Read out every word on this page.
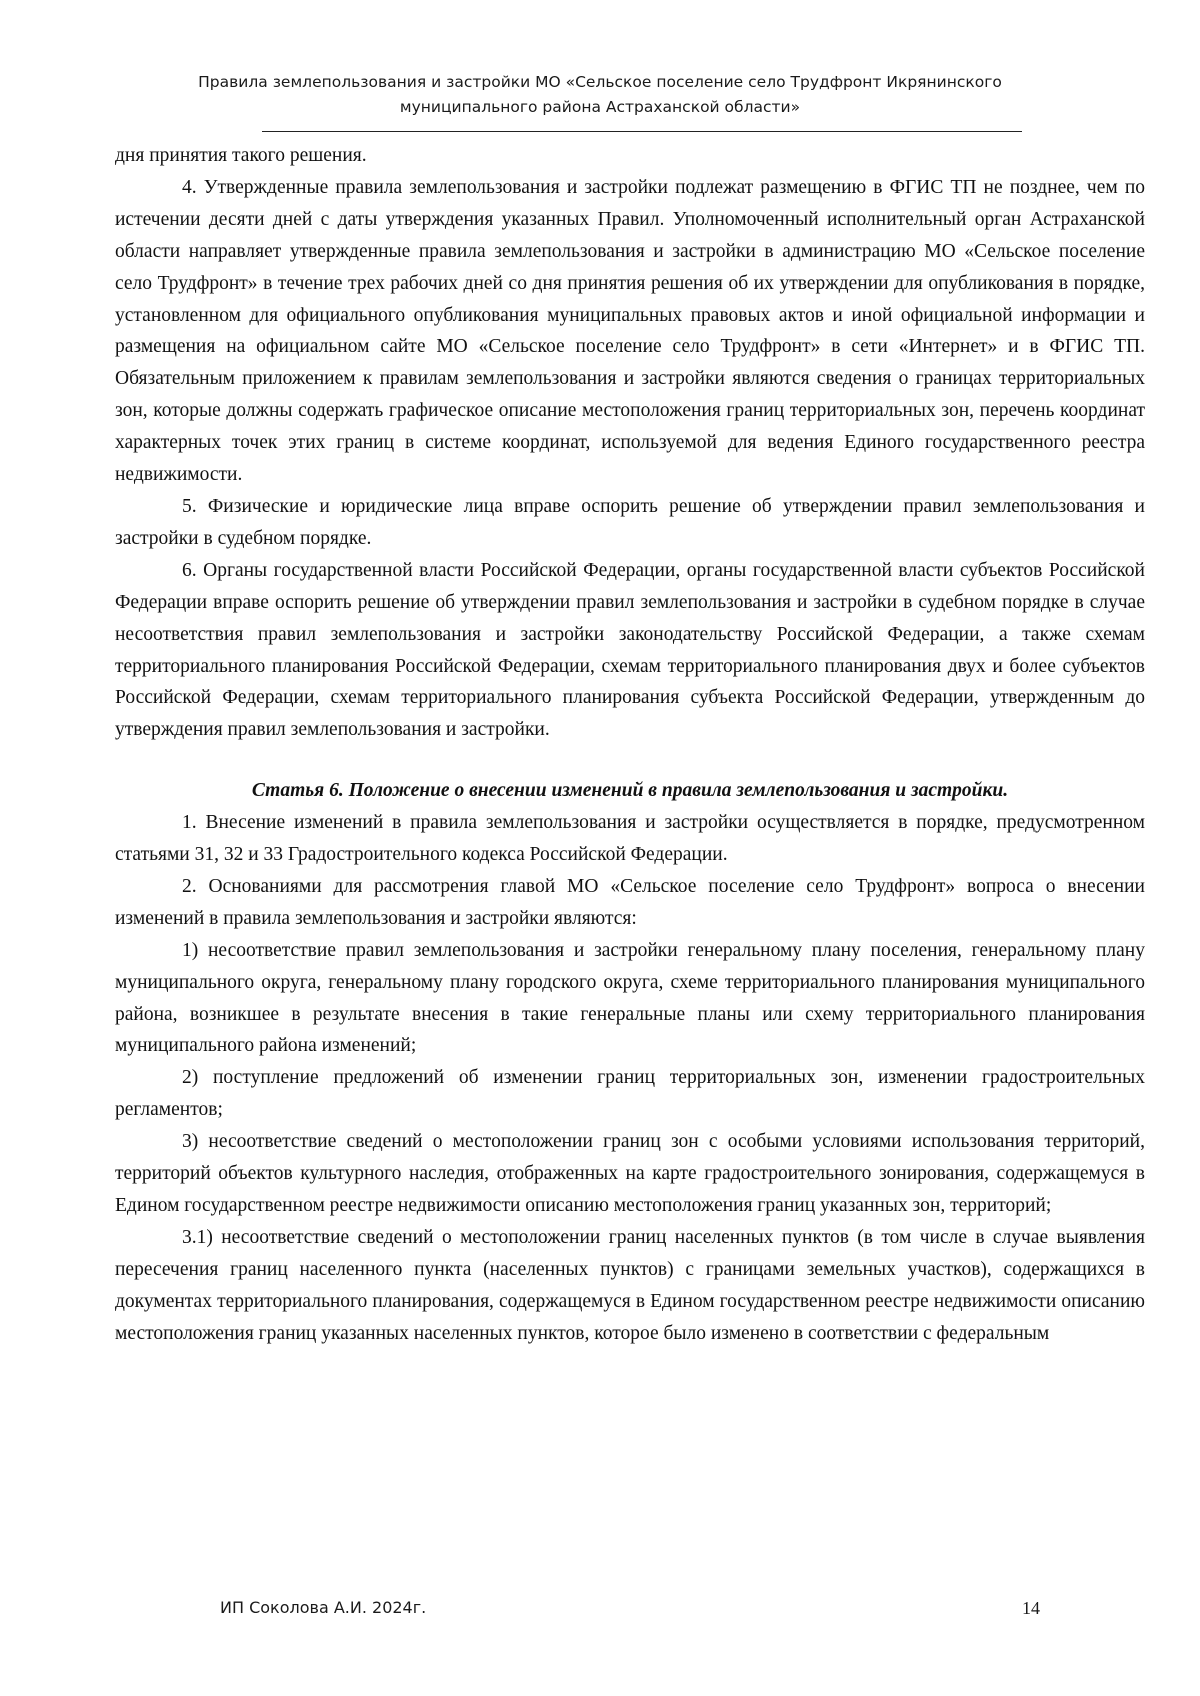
Правила землепользования и застройки МО «Сельское поселение село Трудфронт Икрянинского
муниципального района Астраханской области»

дня принятия такого решения.

4. Утвержденные правила землепользования и застройки подлежат размещению в ФГИС ТП не позднее, чем по истечении десяти дней с даты утверждения указанных Правил. Уполномоченный исполнительный орган Астраханской области направляет утвержденные правила землепользования и застройки в администрацию МО «Сельское поселение село Трудфронт» в течение трех рабочих дней со дня принятия решения об их утверждении для опубликования в порядке, установленном для официального опубликования муниципальных правовых актов и иной официальной информации и размещения на официальном сайте МО «Сельское поселение село Трудфронт» в сети «Интернет» и в ФГИС ТП. Обязательным приложением к правилам землепользования и застройки являются сведения о границах территориальных зон, которые должны содержать графическое описание местоположения границ территориальных зон, перечень координат характерных точек этих границ в системе координат, используемой для ведения Единого государственного реестра недвижимости.

5. Физические и юридические лица вправе оспорить решение об утверждении правил землепользования и застройки в судебном порядке.

6. Органы государственной власти Российской Федерации, органы государственной власти субъектов Российской Федерации вправе оспорить решение об утверждении правил землепользования и застройки в судебном порядке в случае несоответствия правил землепользования и застройки законодательству Российской Федерации, а также схемам территориального планирования Российской Федерации, схемам территориального планирования двух и более субъектов Российской Федерации, схемам территориального планирования субъекта Российской Федерации, утвержденным до утверждения правил землепользования и застройки.

Статья 6. Положение о внесении изменений в правила землепользования и застройки.

1. Внесение изменений в правила землепользования и застройки осуществляется в порядке, предусмотренном статьями 31, 32 и 33 Градостроительного кодекса Российской Федерации.

2. Основаниями для рассмотрения главой МО «Сельское поселение село Трудфронт» вопроса о внесении изменений в правила землепользования и застройки являются:

1) несоответствие правил землепользования и застройки генеральному плану поселения, генеральному плану муниципального округа, генеральному плану городского округа, схеме территориального планирования муниципального района, возникшее в результате внесения в такие генеральные планы или схему территориального планирования муниципального района изменений;

2) поступление предложений об изменении границ территориальных зон, изменении градостроительных регламентов;

3) несоответствие сведений о местоположении границ зон с особыми условиями использования территорий, территорий объектов культурного наследия, отображенных на карте градостроительного зонирования, содержащемуся в Едином государственном реестре недвижимости описанию местоположения границ указанных зон, территорий;

3.1) несоответствие сведений о местоположении границ населенных пунктов (в том числе в случае выявления пересечения границ населенного пункта (населенных пунктов) с границами земельных участков), содержащихся в документах территориального планирования, содержащемуся в Едином государственном реестре недвижимости описанию местоположения границ указанных населенных пунктов, которое было изменено в соответствии с федеральным

ИП Соколова А.И. 2024г.	14
